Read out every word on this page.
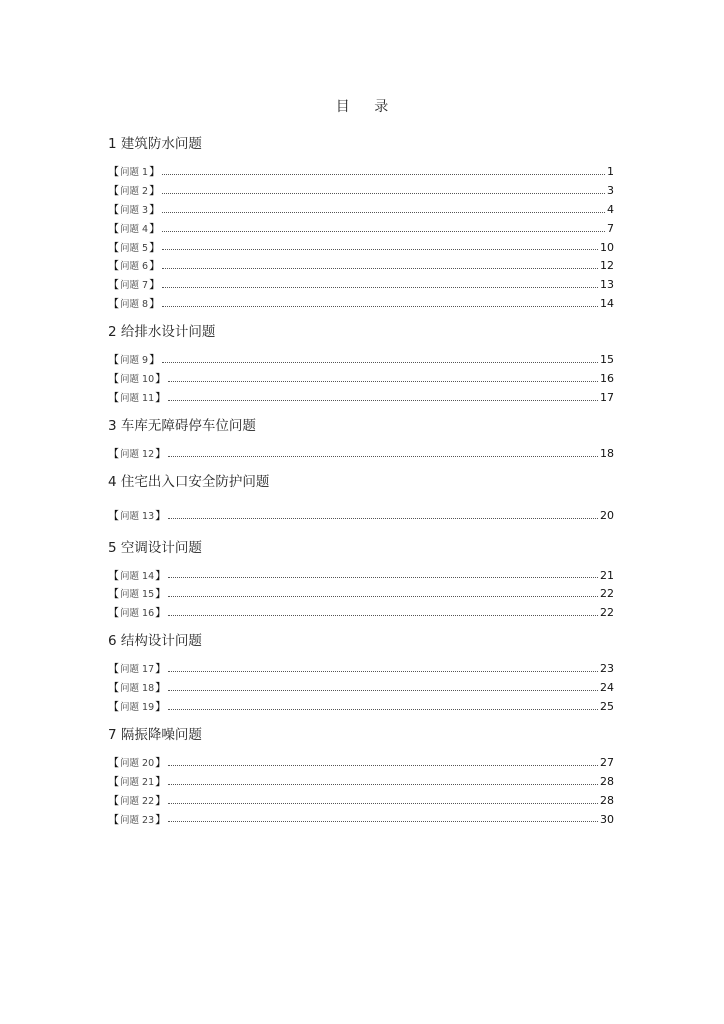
目 录
1 建筑防水问题
【 问题 1 】	1
【 问题 2 】	3
【 问题 3 】	4
【 问题 4 】	7
【 问题 5 】	10
【 问题 6 】	12
【 问题 7 】	13
【 问题 8 】	14
2 给排水设计问题
【 问题 9 】	15
【 问题 10 】	16
【 问题 11 】	17
3 车库无障碍停车位问题
【 问题 12 】	18
4 住宅出入口安全防护问题
【 问题 13 】	20
5 空调设计问题
【 问题 14 】	21
【 问题 15 】	22
【 问题 16 】	22
6 结构设计问题
【 问题 17 】	23
【 问题 18 】	24
【 问题 19 】	25
7 隔振降噪问题
【 问题 20 】	27
【 问题 21 】	28
【 问题 22 】	28
【 问题 23 】	30
